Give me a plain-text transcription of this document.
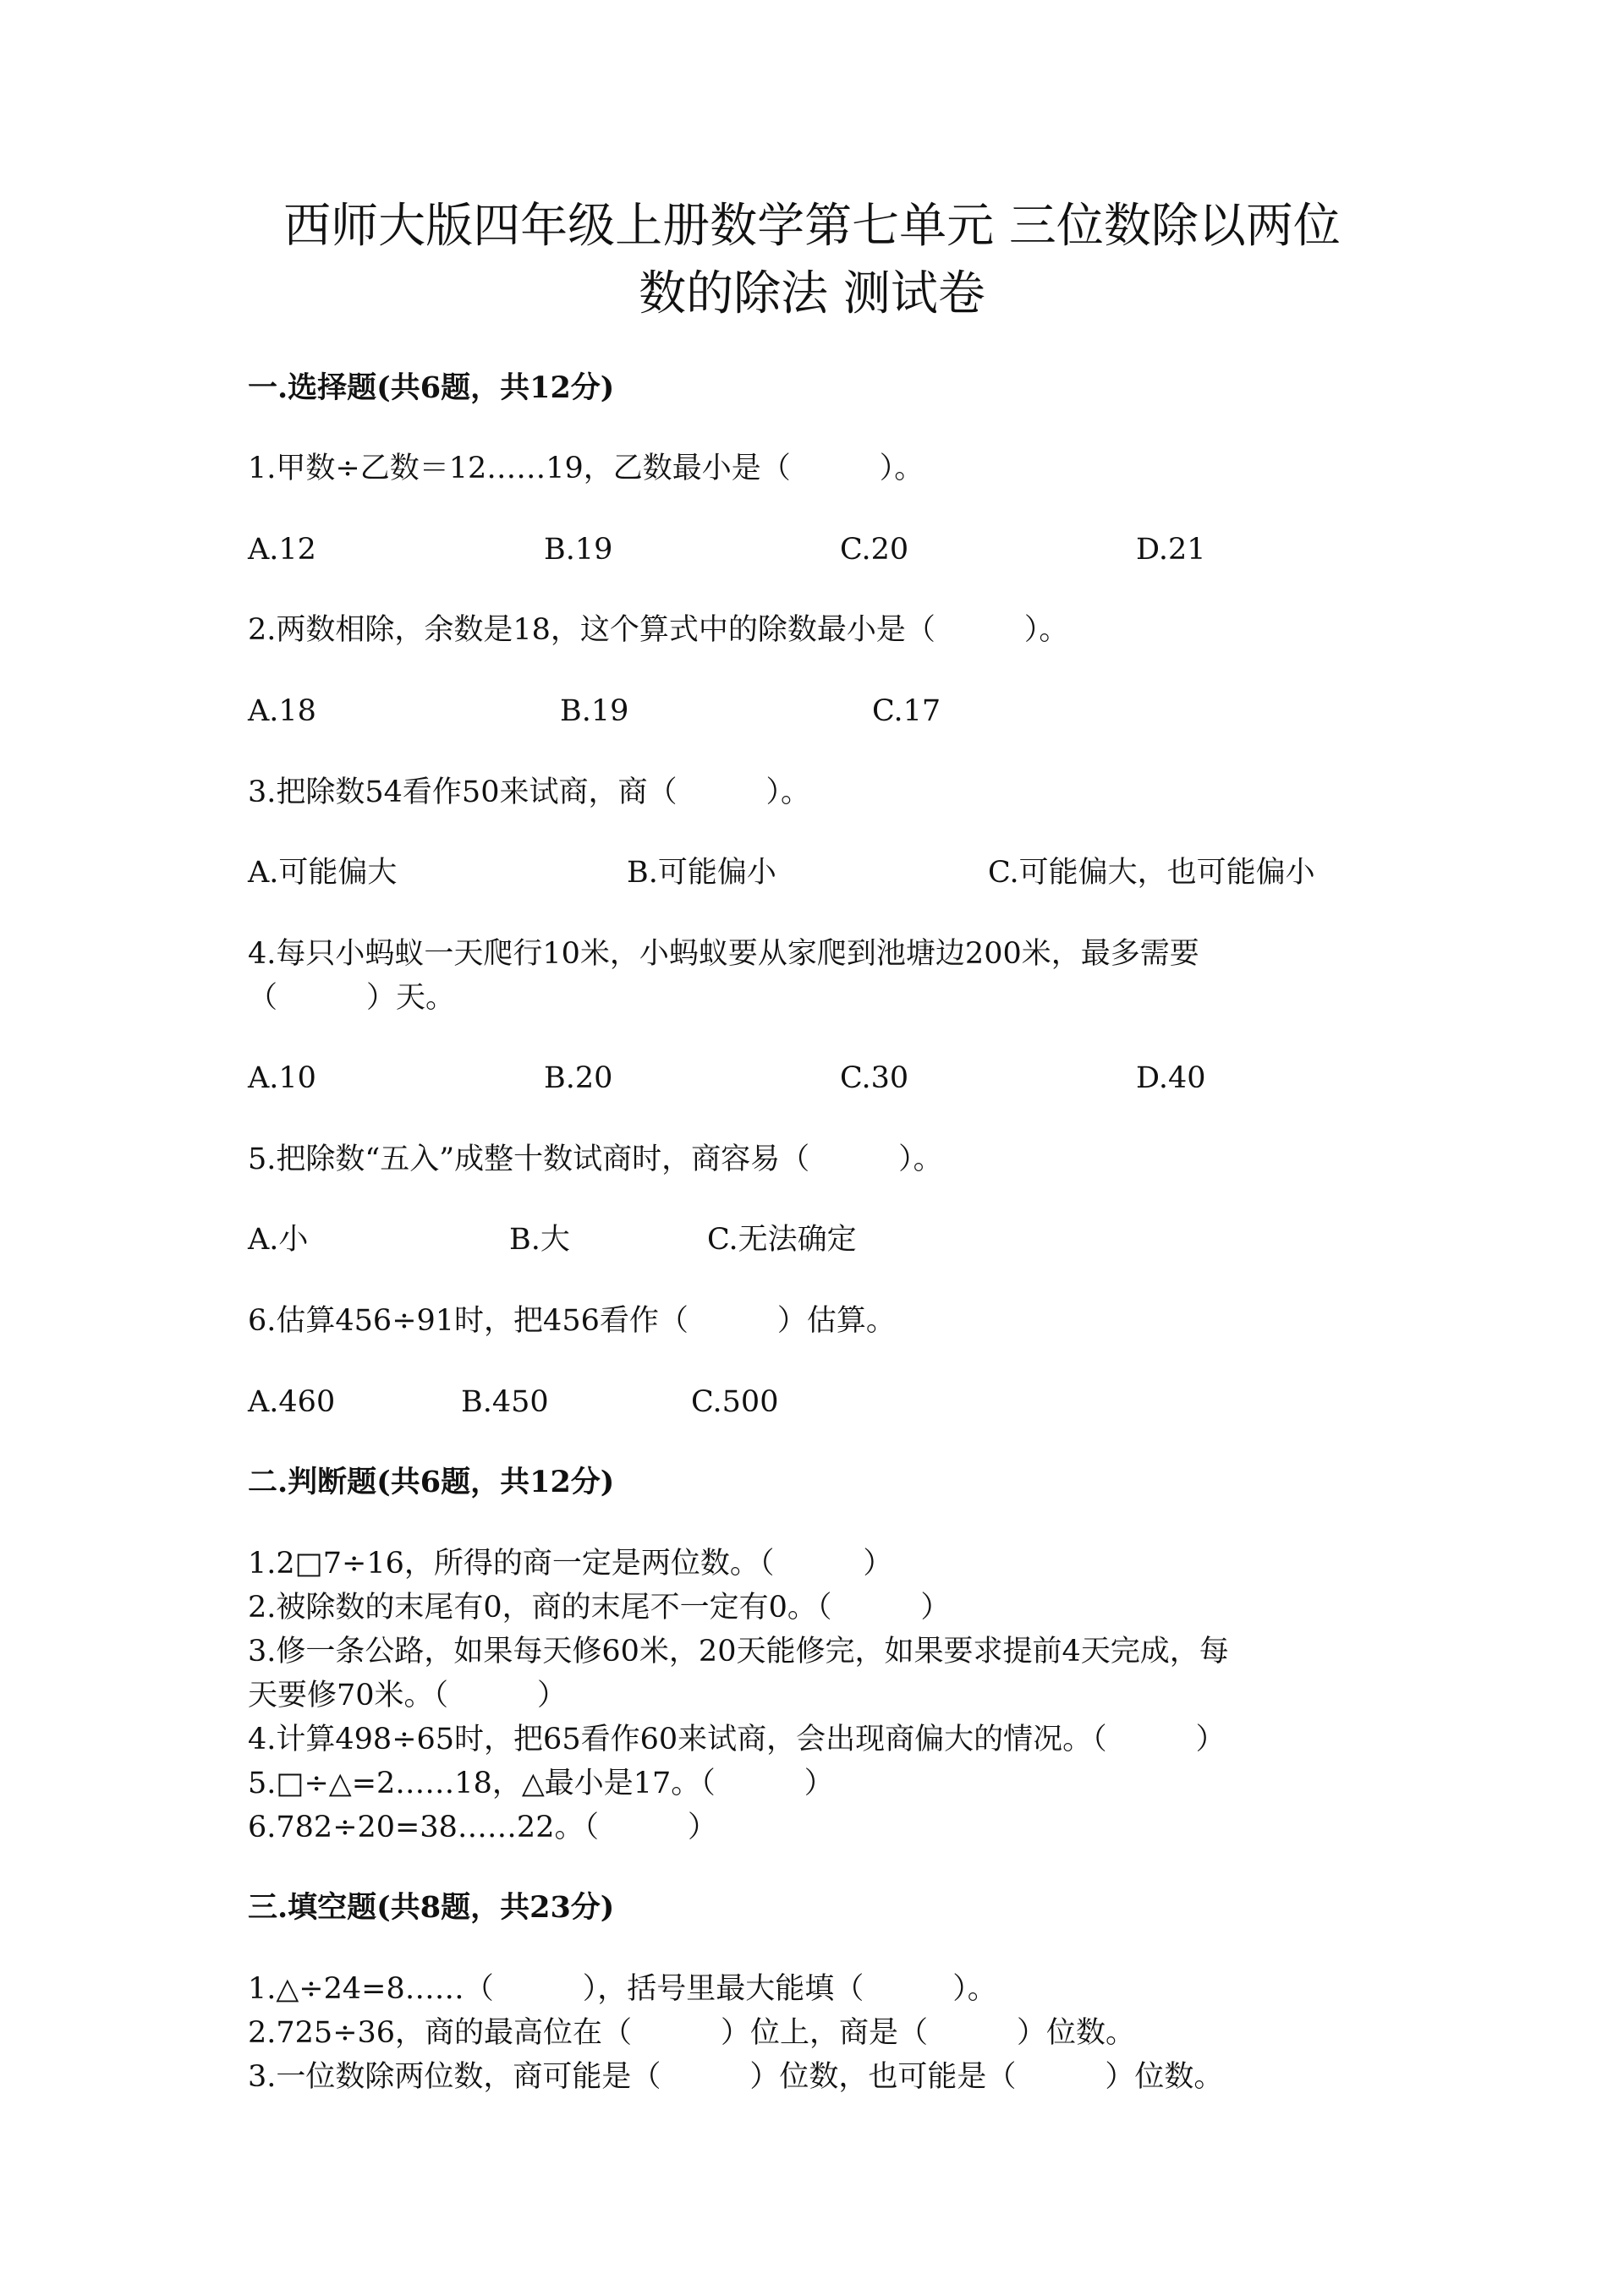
西师大版四年级上册数学第七单元 三位数除以两位
数的除法 测试卷
一.选择题(共6题，共12分)
1.甲数÷乙数＝12……19，乙数最小是（　　　）。
A.12	B.19	C.20	D.21
2.两数相除，余数是18，这个算式中的除数最小是（　　　）。
A.18	B.19	C.17
3.把除数54看作50来试商，商（　　　）。
A.可能偏大	B.可能偏小	C.可能偏大，也可能偏小
4.每只小蚂蚁一天爬行10米，小蚂蚁要从家爬到池塘边200米，最多需要
（　　　）天。
A.10	B.20	C.30	D.40
5.把除数“五入”成整十数试商时，商容易（　　　）。
A.小	B.大	C.无法确定
6.估算456÷91时，把456看作（　　　）估算。
A.460	B.450	C.500
二.判断题(共6题，共12分)
1.2□7÷16，所得的商一定是两位数。（　　　）
2.被除数的末尾有0，商的末尾不一定有0。（　　　）
3.修一条公路，如果每天修60米，20天能修完，如果要求提前4天完成，每
天要修70米。（　　　）
4.计算498÷65时，把65看作60来试商，会出现商偏大的情况。（　　　）
5.□÷△=2……18，△最小是17。（　　　）
6.782÷20=38……22。（　　　）
三.填空题(共8题，共23分)
1.△÷24=8……（　　　），括号里最大能填（　　　）。
2.725÷36，商的最高位在（　　　）位上，商是（　　　）位数。
3.一位数除两位数，商可能是（　　　）位数，也可能是（　　　）位数。
